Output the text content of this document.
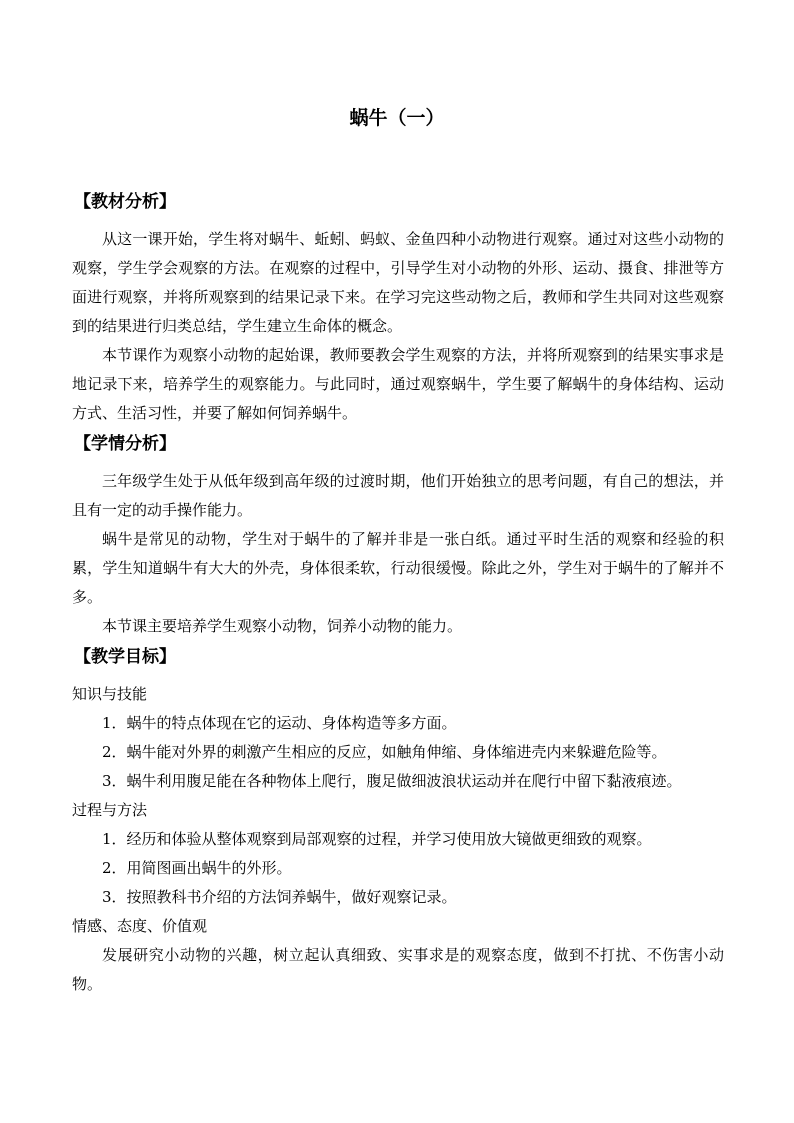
蜗牛（一）
【教材分析】

从这一课开始，学生将对蜗牛、蚯蚓、蚂蚁、金鱼四种小动物进行观察。通过对这些小动物的观察，学生学会观察的方法。在观察的过程中，引导学生对小动物的外形、运动、摄食、排泄等方面进行观察，并将所观察到的结果记录下来。在学习完这些动物之后，教师和学生共同对这些观察到的结果进行归类总结，学生建立生命体的概念。

本节课作为观察小动物的起始课，教师要教会学生观察的方法，并将所观察到的结果实事求是地记录下来，培养学生的观察能力。与此同时，通过观察蜗牛，学生要了解蜗牛的身体结构、运动方式、生活习性，并要了解如何饲养蜗牛。

【学情分析】

三年级学生处于从低年级到高年级的过渡时期，他们开始独立的思考问题，有自己的想法，并且有一定的动手操作能力。

蜗牛是常见的动物，学生对于蜗牛的了解并非是一张白纸。通过平时生活的观察和经验的积累，学生知道蜗牛有大大的外壳，身体很柔软，行动很缓慢。除此之外，学生对于蜗牛的了解并不多。

本节课主要培养学生观察小动物，饲养小动物的能力。

【教学目标】

知识与技能

1．蜗牛的特点体现在它的运动、身体构造等多方面。

2．蜗牛能对外界的刺激产生相应的反应，如触角伸缩、身体缩进壳内来躲避危险等。

3．蜗牛利用腹足能在各种物体上爬行，腹足做细波浪状运动并在爬行中留下黏液痕迹。

过程与方法

1．经历和体验从整体观察到局部观察的过程，并学习使用放大镜做更细致的观察。

2．用简图画出蜗牛的外形。

3．按照教科书介绍的方法饲养蜗牛，做好观察记录。

情感、态度、价值观

发展研究小动物的兴趣，树立起认真细致、实事求是的观察态度，做到不打扰、不伤害小动物。
